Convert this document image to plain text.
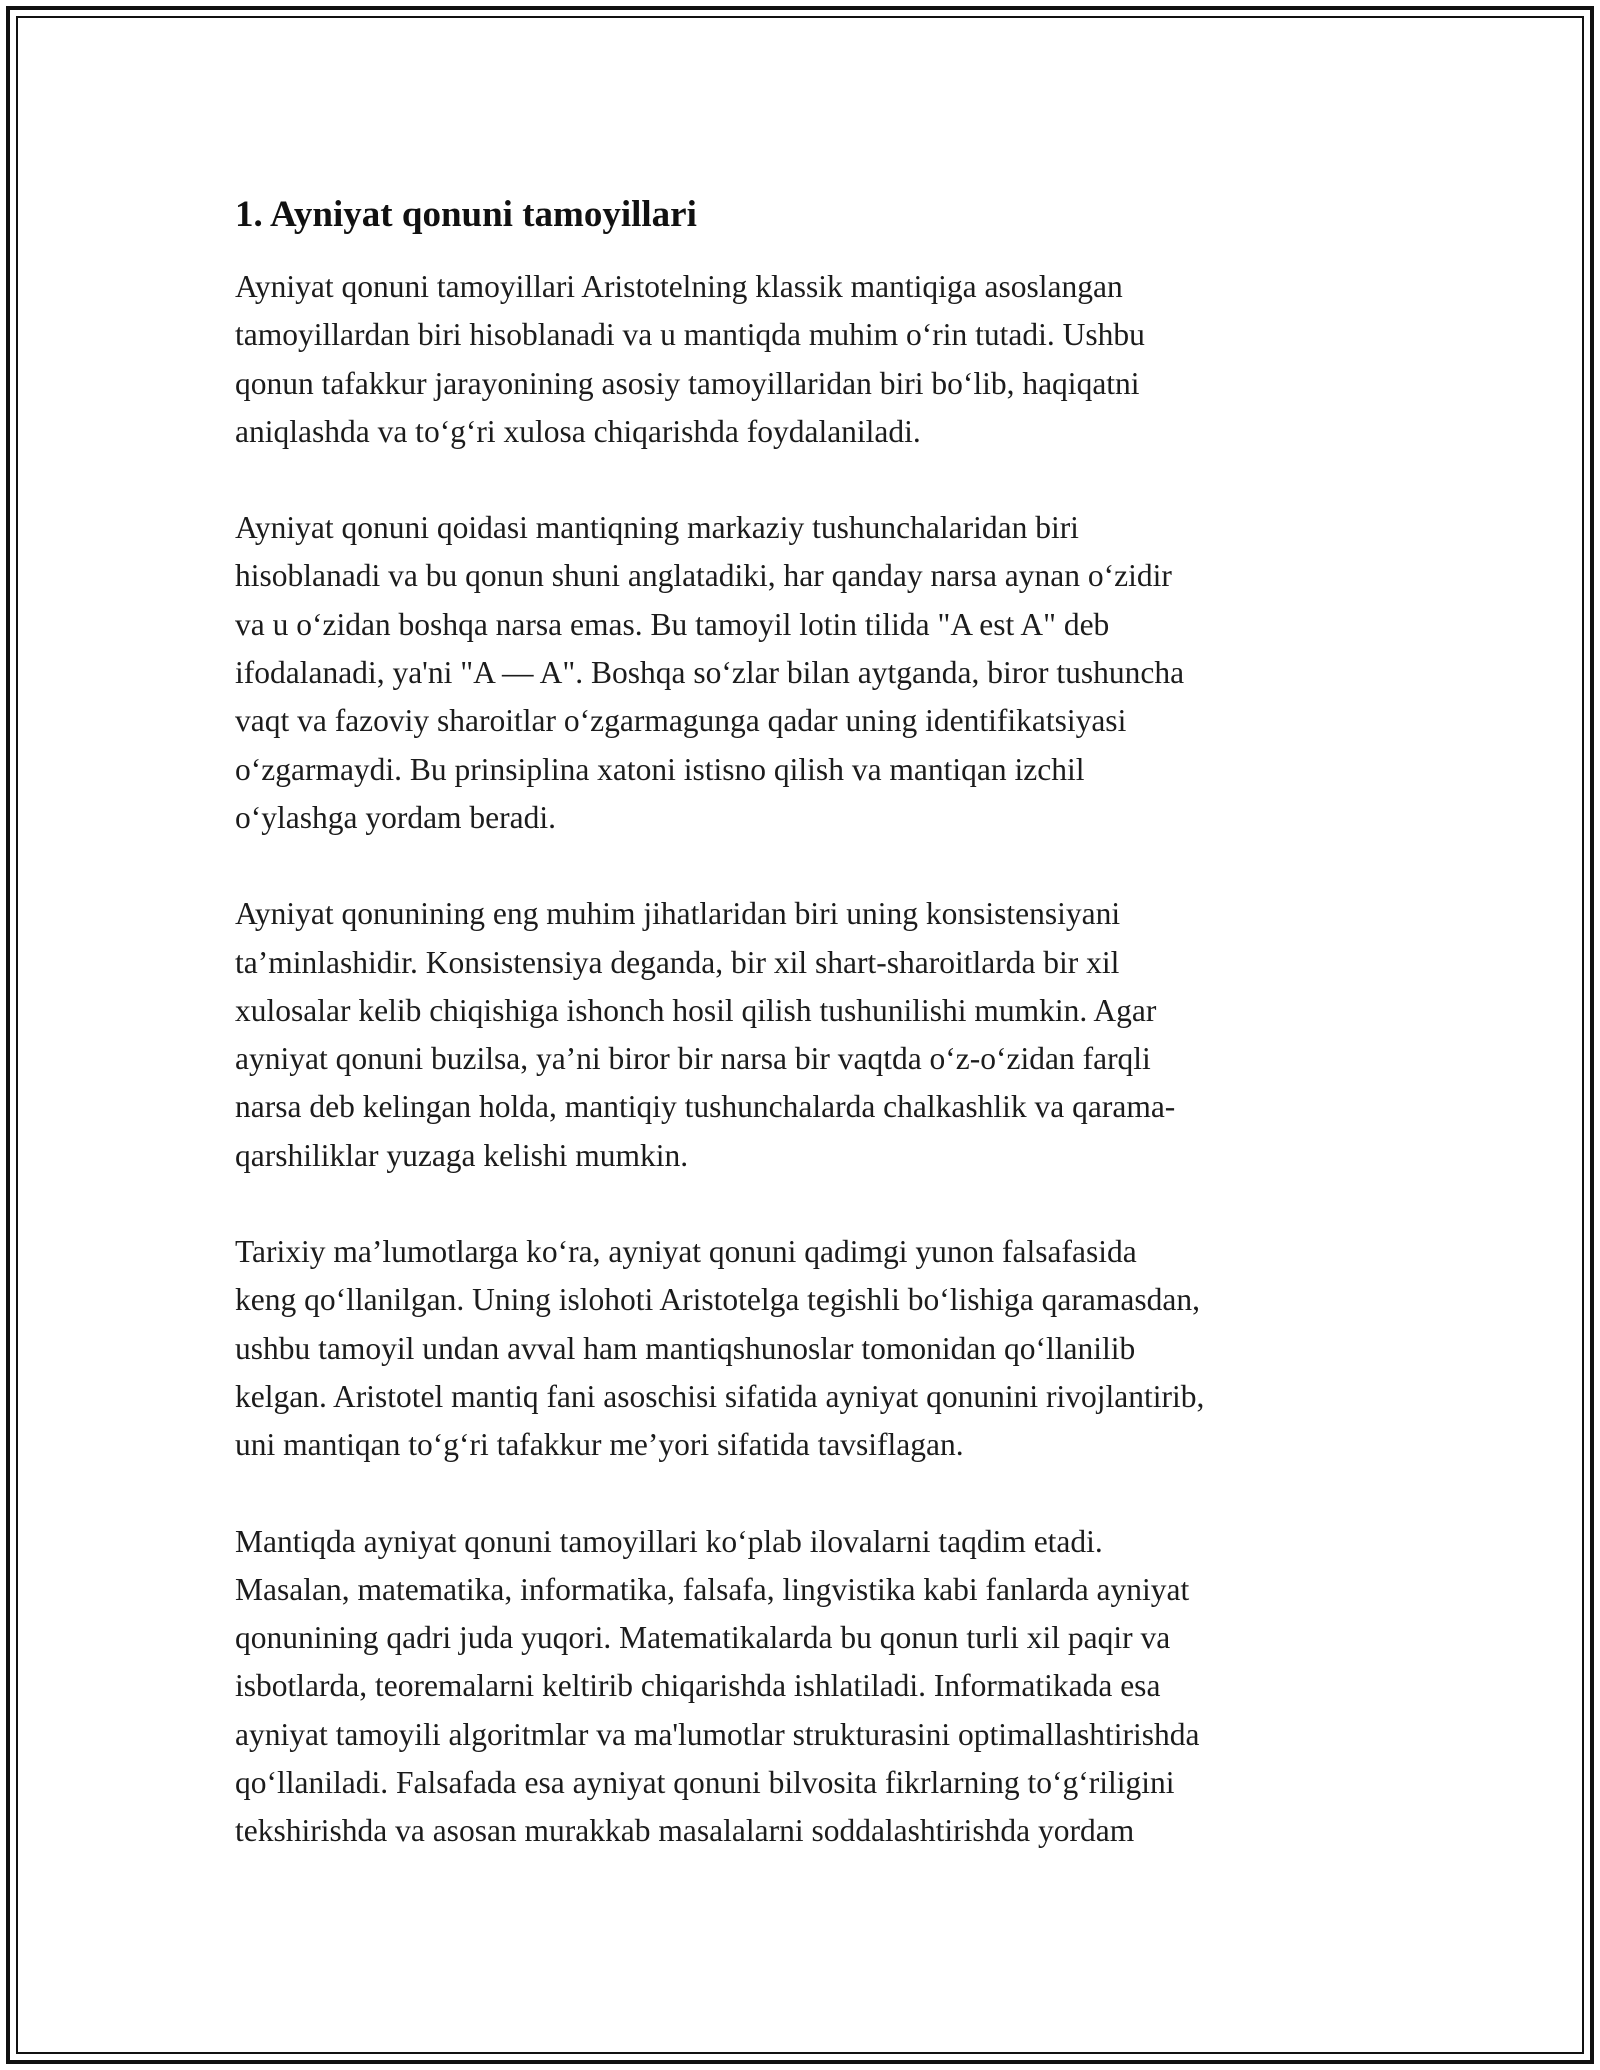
1. Ayniyat qonuni tamoyillari

Ayniyat qonuni tamoyillari Aristotelning klassik mantiqiga asoslangan
tamoyillardan biri hisoblanadi va u mantiqda muhim o‘rin tutadi. Ushbu
qonun tafakkur jarayonining asosiy tamoyillaridan biri bo‘lib, haqiqatni
aniqlashda va to‘g‘ri xulosa chiqarishda foydalaniladi.

Ayniyat qonuni qoidasi mantiqning markaziy tushunchalaridan biri
hisoblanadi va bu qonun shuni anglatadiki, har qanday narsa aynan o‘zidir
va u o‘zidan boshqa narsa emas. Bu tamoyil lotin tilida "A est A" deb
ifodalanadi, ya'ni "A — A". Boshqa so‘zlar bilan aytganda, biror tushuncha
vaqt va fazoviy sharoitlar o‘zgarmagunga qadar uning identifikatsiyasi
o‘zgarmaydi. Bu prinsiplina xatoni istisno qilish va mantiqan izchil
o‘ylashga yordam beradi.

Ayniyat qonunining eng muhim jihatlaridan biri uning konsistensiyani
ta’minlashidir. Konsistensiya deganda, bir xil shart-sharoitlarda bir xil
xulosalar kelib chiqishiga ishonch hosil qilish tushunilishi mumkin. Agar
ayniyat qonuni buzilsa, ya’ni biror bir narsa bir vaqtda o‘z-o‘zidan farqli
narsa deb kelingan holda, mantiqiy tushunchalarda chalkashlik va qarama-
qarshiliklar yuzaga kelishi mumkin.

Tarixiy ma’lumotlarga ko‘ra, ayniyat qonuni qadimgi yunon falsafasida
keng qo‘llanilgan. Uning islohoti Aristotelga tegishli bo‘lishiga qaramasdan,
ushbu tamoyil undan avval ham mantiqshunoslar tomonidan qo‘llanilib
kelgan. Aristotel mantiq fani asoschisi sifatida ayniyat qonunini rivojlantirib,
uni mantiqan to‘g‘ri tafakkur me’yori sifatida tavsiflagan.

Mantiqda ayniyat qonuni tamoyillari ko‘plab ilovalarni taqdim etadi.
Masalan, matematika, informatika, falsafa, lingvistika kabi fanlarda ayniyat
qonunining qadri juda yuqori. Matematikalarda bu qonun turli xil paqir va
isbotlarda, teoremalarni keltirib chiqarishda ishlatiladi. Informatikada esa
ayniyat tamoyili algoritmlar va ma'lumotlar strukturasini optimallashtirishda
qo‘llaniladi. Falsafada esa ayniyat qonuni bilvosita fikrlarning to‘g‘riligini
tekshirishda va asosan murakkab masalalarni soddalashtirishda yordam
